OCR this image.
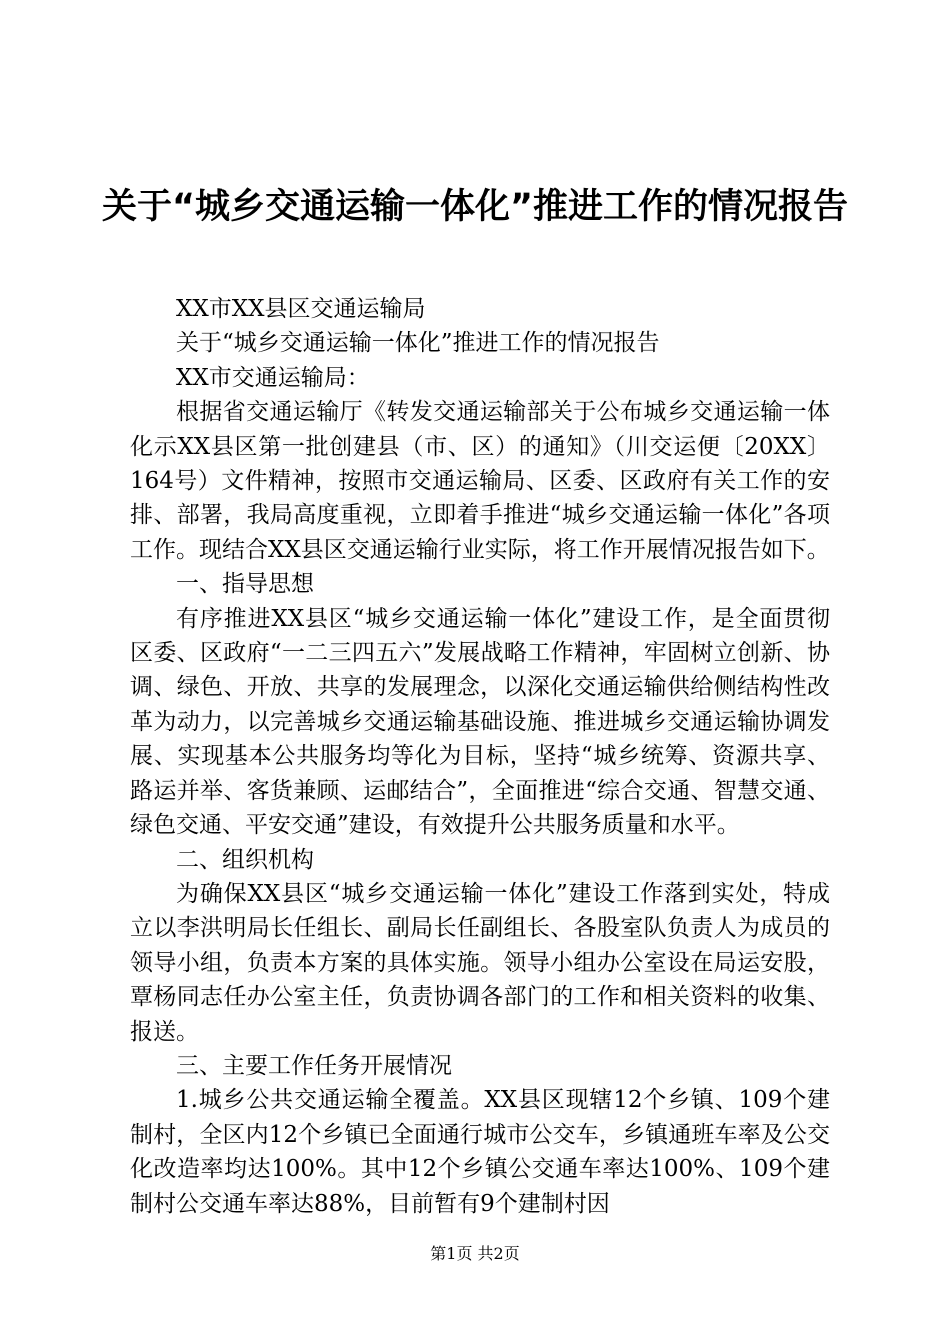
关于“城乡交通运输一体化”推进工作的情况报告

XX市XX县区交通运输局

关于“城乡交通运输一体化”推进工作的情况报告

XX市交通运输局：

根据省交通运输厅《转发交通运输部关于公布城乡交通运输一体化示XX县区第一批创建县（市、区）的通知》（川交运便〔20XX〕164号）文件精神，按照市交通运输局、区委、区政府有关工作的安排、部署，我局高度重视，立即着手推进“城乡交通运输一体化”各项工作。现结合XX县区交通运输行业实际，将工作开展情况报告如下。

一、指导思想

有序推进XX县区“城乡交通运输一体化”建设工作，是全面贯彻区委、区政府“一二三四五六”发展战略工作精神，牢固树立创新、协调、绿色、开放、共享的发展理念，以深化交通运输供给侧结构性改革为动力，以完善城乡交通运输基础设施、推进城乡交通运输协调发展、实现基本公共服务均等化为目标，坚持“城乡统筹、资源共享、路运并举、客货兼顾、运邮结合”，全面推进“综合交通、智慧交通、绿色交通、平安交通”建设，有效提升公共服务质量和水平。

二、组织机构

为确保XX县区“城乡交通运输一体化”建设工作落到实处，特成立以李洪明局长任组长、副局长任副组长、各股室队负责人为成员的领导小组，负责本方案的具体实施。领导小组办公室设在局运安股，覃杨同志任办公室主任，负责协调各部门的工作和相关资料的收集、报送。

三、主要工作任务开展情况

1.城乡公共交通运输全覆盖。XX县区现辖12个乡镇、109个建制村，全区内12个乡镇已全面通行城市公交车，乡镇通班车率及公交化改造率均达100%。其中12个乡镇公交通车率达100%、109个建制村公交通车率达88%，目前暂有9个建制村因

第1页 共2页
